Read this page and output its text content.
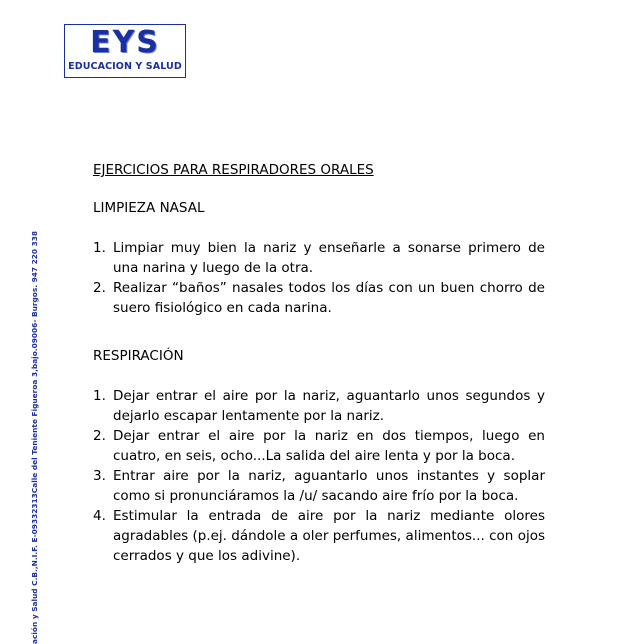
EYS
EDUCACION Y SALUD
ación y Salud C.B.,N.I.F. E-09332313Calle del Teniente Figueroa 3,bajo.09006- Burgos. 947 220 338
EJERCICIOS PARA RESPIRADORES ORALES
LIMPIEZA NASAL
1. Limpiar muy bien la nariz y enseñarle a sonarse primero de una narina y luego de la otra.
2. Realizar “baños” nasales todos los días con un buen chorro de suero fisiológico en cada narina.
RESPIRACIÓN
1. Dejar entrar el aire por la nariz, aguantarlo unos segundos y dejarlo escapar lentamente por la nariz.
2. Dejar entrar el aire por la nariz en dos tiempos, luego en cuatro, en seis, ocho...La salida del aire lenta y por la boca.
3. Entrar aire por la nariz, aguantarlo unos instantes y soplar como si pronunciáramos la /u/ sacando aire frío por la boca.
4. Estimular la entrada de aire por la nariz mediante olores agradables (p.ej. dándole a oler perfumes, alimentos... con ojos cerrados y que los adivine).
